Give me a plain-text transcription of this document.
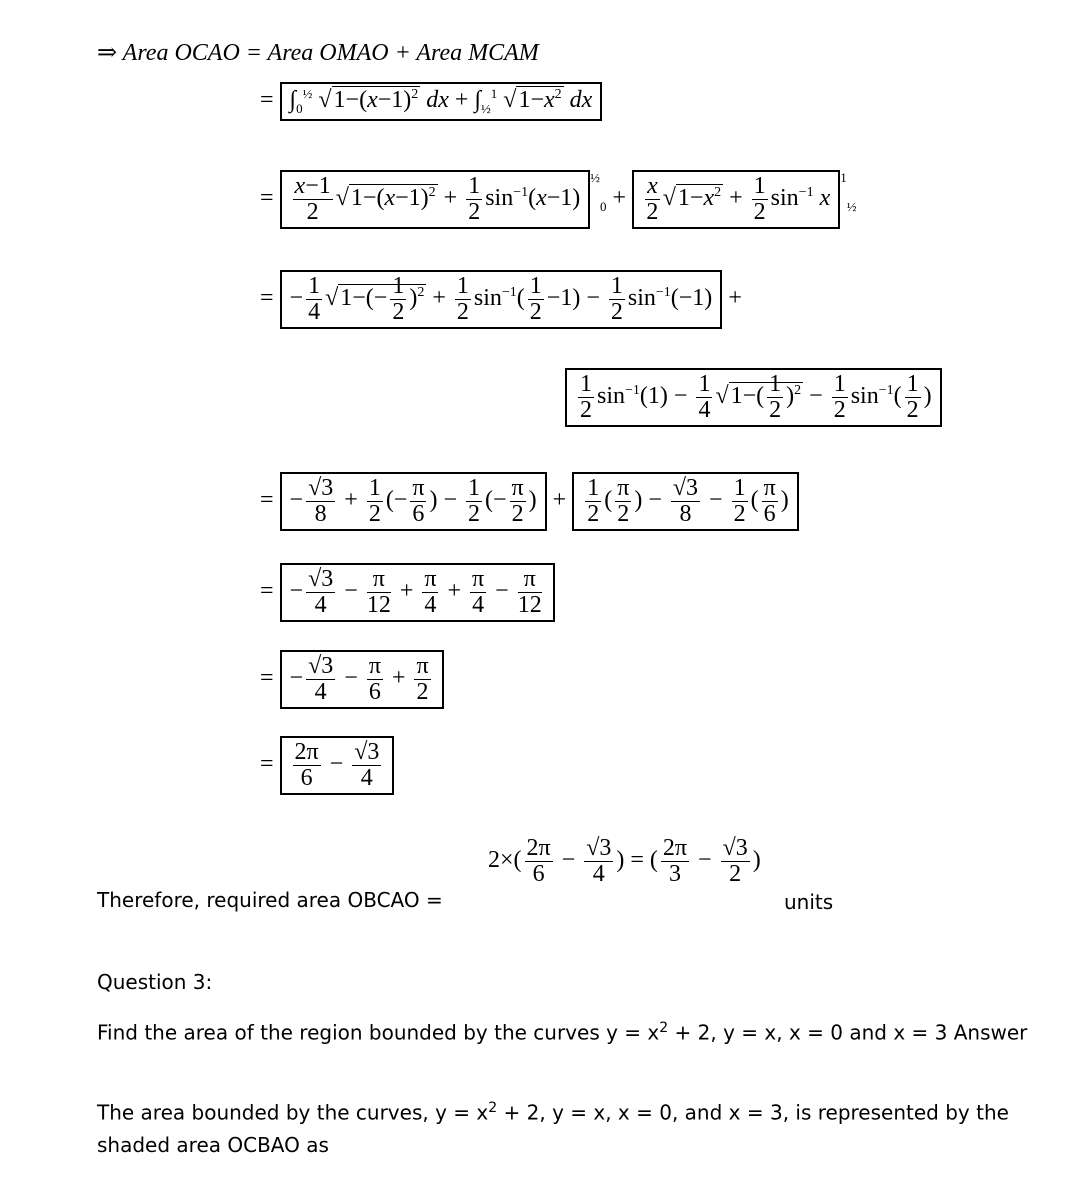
⇒ Area OCAO = Area OMAO + Area MCAM
= $\int_0^{\frac{1}{2}}$ $√1-(x-1)^2$ dx + $\int_{\frac{1}{2}}^1$ $√1-x^2$ dx
= $\frac{x-1}{2} √1-(x-1)^2 + \frac{1}{2} \sin^{-1}(x-1)^{\frac{1}{2}}_0 + \frac{x}{2} √1-x^2 + \frac{1}{2} \sin^{-1} x^1_{\frac{1}{2}}$
= − $\frac{1}{4} √1-(- \frac{1}{2} )^2 + \frac{1}{2} \sin^{-1}( \frac{1}{2} -1) - \frac{1}{2} \sin^{-1}(-1)$ +
$\frac{1}{2} \sin^{-1}(1) - \frac{1}{4} √1-( \frac{1}{2} )^2 - \frac{1}{2} \sin^{-1}( \frac{1}{2}$ )
= − $\frac{√3}{8} + \frac{1}{2}$ (− $\frac{\pi}{6}$ ) − $\frac{1}{2}$ (− $\frac{\pi}{2}$ ) + $\frac{1}{2}$ ( $\frac{\pi}{2}$ ) − $\frac{√3}{8} - \frac{1}{2}$ ( $\frac{\pi}{6}$ )
= − $\frac{√3}{4} - \frac{\pi}{12} + \frac{\pi}{4} + \frac{\pi}{4} - \frac{\pi}{12}$
= − $\frac{√3}{4} - \frac{\pi}{6} + \frac{\pi}{2}$
= $\frac{2\pi}{6} - \frac{√3}{4}$
Therefore, required area OBCAO =
$2\times( \frac{2\pi}{6} - \frac{√3}{4}$ ) = ( $\frac{2\pi}{3} - \frac{√3}{2}$ )
units
Question 3:
Find the area of the region bounded by the curves $y = x^2 + 2$, y = x, x = 0 and x = 3 Answer
The area bounded by the curves, $y = x^2 + 2$, y = x, x = 0, and x = 3, is represented by the shaded area OCBAO as
